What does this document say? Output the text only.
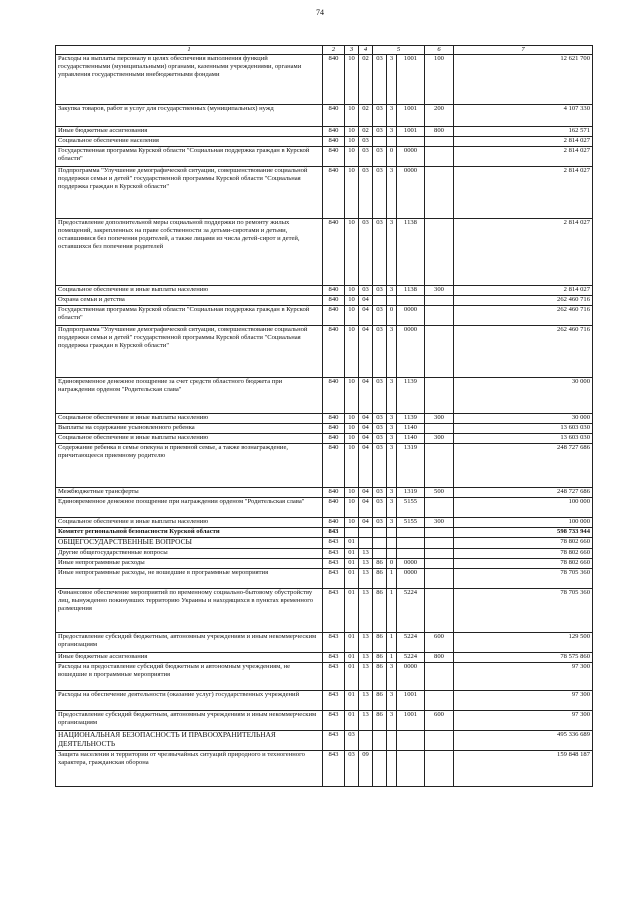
74
1	2	3	4	5			6	7
Расходы на выплаты персоналу в целях обеспечения выполнения функций государственными (муниципальными) органами, казенными учреждениями, органами управления государственными внебюджетными фондами	840	10	02	03	3	1001	100	12 621 700
Закупка товаров, работ и услуг для государственных (муниципальных) нужд	840	10	02	03	3	1001	200	4 107 330
Иные бюджетные ассигнования	840	10	02	03	3	1001	800	162 571
Социальное обеспечение населения	840	10	03					2 814 027
Государственная программа Курской области "Социальная поддержка граждан в Курской области"	840	10	03	03	0	0000		2 814 027
Подпрограмма "Улучшение демографической ситуации, совершенствование социальной поддержки семьи и детей" государственной программы Курской области "Социальная поддержка граждан в Курской области"	840	10	03	03	3	0000		2 814 027
Предоставление дополнительной меры социальной поддержки по ремонту жилых помещений, закрепленных на праве собственности за детьми-сиротами и детьми, оставшимися без попечения родителей, а также лицами из числа детей-сирот и детей, оставшихся без попечения родителей	840	10	03	03	3	1138		2 814 027
Социальное обеспечение и иные выплаты населению	840	10	03	03	3	1138	300	2 814 027
Охрана семьи и детства	840	10	04					262 460 716
Государственная программа Курской области "Социальная поддержка граждан в Курской области"	840	10	04	03	0	0000		262 460 716
Подпрограмма "Улучшение демографической ситуации, совершенствование социальной поддержки семьи и детей" государственной программы Курской области "Социальная поддержка граждан в Курской области"	840	10	04	03	3	0000		262 460 716
Единовременное денежное поощрение за счет средств областного бюджета при награждении орденом "Родительская слава"	840	10	04	03	3	1139		30 000
Социальное обеспечение и иные выплаты населению	840	10	04	03	3	1139	300	30 000
Выплаты на содержание усыновленного ребенка	840	10	04	03	3	1140		13 603 030
Социальное обеспечение и иные выплаты населению	840	10	04	03	3	1140	300	13 603 030
Содержание ребенка в семье опекуна и приемной семье, а также вознаграждение, причитающееся приемному родителю	840	10	04	03	3	1319		248 727 686
Межбюджетные трансферты	840	10	04	03	3	1319	500	248 727 686
Единовременное денежное поощрение при награждении орденом "Родительская слава"	840	10	04	03	3	5155		100 000
Социальное обеспечение и иные выплаты населению	840	10	04	03	3	5155	300	100 000
Комитет региональной безопасности Курской области	843							598 733 944
ОБЩЕГОСУДАРСТВЕННЫЕ ВОПРОСЫ	843	01						78 802 660
Другие общегосударственные вопросы	843	01	13					78 802 660
Иные непрограммные расходы	843	01	13	86	0	0000		78 802 660
Иные непрограммные расходы, не вошедшие в программные мероприятия	843	01	13	86	1	0000		78 705 360
Финансовое обеспечение мероприятий по временному социально-бытовому обустройству лиц, вынужденно покинувших территорию Украины и находящихся в пунктах временного размещения	843	01	13	86	1	5224		78 705 360
Предоставление субсидий бюджетным, автономным учреждениям и иным некоммерческим организациям	843	01	13	86	1	5224	600	129 500
Иные бюджетные ассигнования	843	01	13	86	1	5224	800	78 575 860
Расходы на предоставление субсидий бюджетным и автономным учреждениям, не вошедшие в программные мероприятия	843	01	13	86	3	0000		97 300
Расходы на обеспечение деятельности (оказание услуг) государственных учреждений	843	01	13	86	3	1001		97 300
Предоставление субсидий бюджетным, автономным учреждениям и иным некоммерческим организациям	843	01	13	86	3	1001	600	97 300
НАЦИОНАЛЬНАЯ БЕЗОПАСНОСТЬ И ПРАВООХРАНИТЕЛЬНАЯ ДЕЯТЕЛЬНОСТЬ	843	03						495 336 689
Защита населения и территории от чрезвычайных ситуаций природного и техногенного характера, гражданская оборона	843	03	09					159 848 187
